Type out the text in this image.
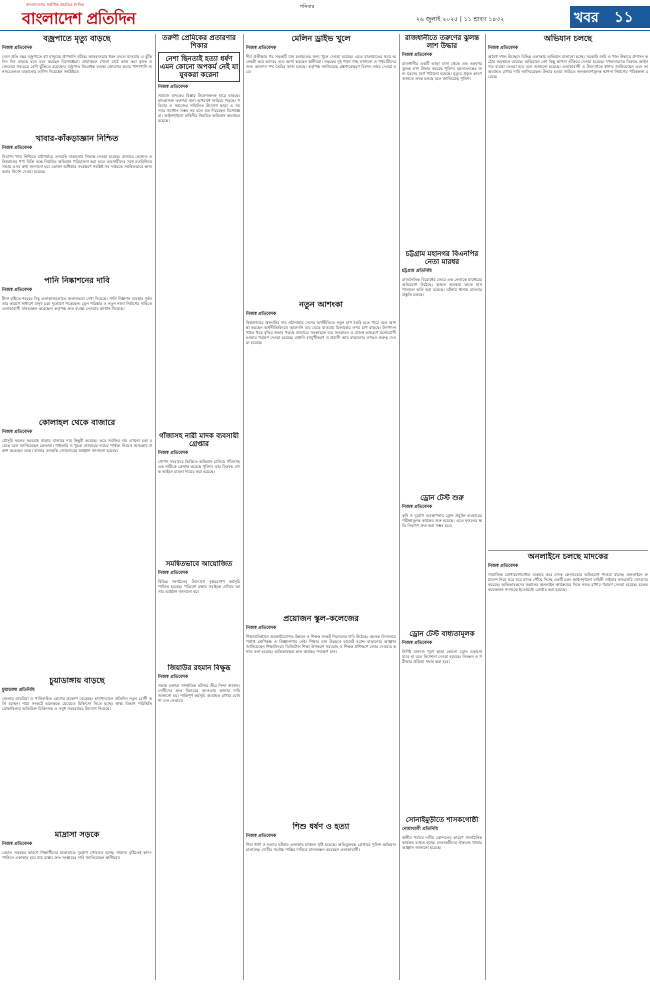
বাংলাদেশের সর্বাধিক প্রচারিত দৈনিক
বাংলাদেশ প্রতিদিন
শনিবার
২৬ জুলাই ২০২৫ | ১১ শ্রাবণ ১৪৩২	খবর ১১
বজ্রপাতে মৃত্যু বাড়ছে
নিজস্ব প্রতিবেদক
দেশে প্রতি বছর বজ্রপাতে বহু মানুষের প্রাণহানি ঘটছে। আবহাওয়ার ধরন বদলে যাওয়ায় এ ঝুঁকি দিন দিন বাড়ছে বলে মনে করছেন বিশেষজ্ঞরা। গ্রামাঞ্চলে খোলা মাঠে কাজ করা কৃষক ও জেলেরা সবচেয়ে বেশি ঝুঁকিতে রয়েছেন। বজ্রপাত নিরোধক ব্যবস্থা জোরদার করার পাশাপাশি জনসচেতনতা বাড়ানোর তাগিদ দিয়েছেন সংশ্লিষ্টরা।
খাবার-কাঁকড়াজ্ঞান নিশ্চিত
নিজস্ব প্রতিবেদক
নিরাপদ খাদ্য নিশ্চিতে মাঠপর্যায়ে তদারকি বাড়ানোর সিদ্ধান্ত নেওয়া হয়েছে। বাজারে ভেজাল ও নিম্নমানের পণ্য বিক্রি বন্ধে নিয়মিত অভিযান পরিচালনা করা হবে। ব্যবসায়ীদের সঙ্গে মতবিনিময় সভায় এসব কথা জানানো হয়। ভোক্তা অধিকার সংরক্ষণে সংশ্লিষ্ট সব দপ্তরকে সমন্বিতভাবে কাজ করার নির্দেশ দেওয়া হয়েছে।
পানি নিষ্কাশনের দাবি
নিজস্ব প্রতিবেদক
টানা বৃষ্টিতে শহরের নিচু এলাকাগুলোতে জলাবদ্ধতা দেখা দিয়েছে। পানি নিষ্কাশন ব্যবস্থার দুর্বলতার কারণে সাধারণ মানুষ চরম দুর্ভোগে পড়েছেন। ড্রেন পরিষ্কার ও নতুন নালা নির্মাণের দাবিতে এলাকাবাসী মানববন্ধন করেছেন। কর্তৃপক্ষ দ্রুত ব্যবস্থা নেওয়ার আশ্বাস দিয়েছে।
কোলাহল থেকে বাজারে
নিজস্ব প্রতিবেদক
মৌসুমি ফলের সরবরাহ বাড়ায় বাজারে দাম কিছুটা কমেছে। তবে সবজির দাম এখনো চড়া রয়েছে বলে জানিয়েছেন ক্রেতারা। পাইকারি ও খুচরা বাজারের দামের পার্থক্য নিয়েও অসন্তোষ প্রকাশ করেছেন তারা। বাজার তদারকি জোরদারের আহ্বান জানানো হয়েছে।
চুয়াডাঙ্গায় বাড়ছে
চুয়াডাঙ্গা প্রতিনিধি
জেলায় ডায়রিয়া ও পানিবাহিত রোগের প্রকোপ বেড়েছে। হাসপাতালে প্রতিদিন নতুন রোগী ভর্তি হচ্ছেন। শয্যা সংকটে অনেককে মেঝেতে চিকিৎসা নিতে হচ্ছে। স্বাস্থ্য বিভাগ পরিস্থিতি মোকাবিলায় অতিরিক্ত চিকিৎসক ও ওষুধ সরবরাহের উদ্যোগ নিয়েছে।
মাদ্রাসা সড়কে
নিজস্ব প্রতিবেদক
বেহাল সড়কের কারণে শিক্ষার্থীদের যাতায়াতে দুর্ভোগ পোহাতে হচ্ছে। সামান্য বৃষ্টিতেই কাদা-পানিতে একাকার হয়ে যায় রাস্তা। দ্রুত সংস্কারের দাবি জানিয়েছেন স্থানীয়রা।
তরুণী প্রেমিকের প্রতারণার শিকার
নেশা ছিনতাই হত্যা ধর্ষণ এমন কোনো অপকর্ম নেই যা যুবকরা করেনা
নিজস্ব প্রতিবেদক
সমাজে মাদকের বিস্তার উদ্বেগজনক হারে বাড়ছে। মাদকাসক্ত তরুণরা নানা অপরাধে জড়িয়ে পড়ছে। পরিবার ও সমাজের সম্মিলিত উদ্যোগ ছাড়া এ সমস্যার সমাধান সম্ভব নয় বলে মত দিয়েছেন বিশেষজ্ঞরা। আইনশৃঙ্খলা বাহিনীর নিয়মিত অভিযান অব্যাহত রয়েছে।
গাঁজাসহ নারী মাদক ব্যবসায়ী গ্রেপ্তার
নিজস্ব প্রতিবেদক
গোপন সংবাদের ভিত্তিতে অভিযান চালিয়ে গাঁজাসহ এক নারীকে গ্রেপ্তার করেছে পুলিশ। তার বিরুদ্ধে মাদক আইনে মামলা দায়ের করা হয়েছে।
সমন্বিতভাবে আয়োজিত
নিজস্ব প্রতিবেদক
বিভিন্ন সংগঠনের উদ্যোগে বৃক্ষরোপণ কর্মসূচি পালিত হয়েছে। পরিবেশ রক্ষায় সবাইকে এগিয়ে আসার আহ্বান জানানো হয়।
জিয়াউর রহমান বিক্ষুব্ধ
নিজস্ব প্রতিবেদক
সভায় বক্তারা সাম্প্রতিক ঘটনার তীব্র নিন্দা জানান। দোষীদের দ্রুত বিচারের আওতায় আনার দাবি জানানো হয়। শান্তিপূর্ণ কর্মসূচি অব্যাহত রাখার ঘোষণা দেন নেতারা।
মেলিন ড্রাইভ খুলে
নিজস্ব প্রতিবেদক
দীর্ঘ প্রতীক্ষার পর সড়কটি যান চলাচলের জন্য খুলে দেওয়া হয়েছে। এতে যাতায়াতের সময় অনেকটা কমে আসবে বলে আশা করছেন স্থানীয়রা। সড়কের দুই পাশে গাছ লাগানো ও পথচারীদের জন্য আলাদা পথ তৈরির কাজ চলছে। কর্তৃপক্ষ জানিয়েছে রক্ষণাবেক্ষণে বিশেষ নজর দেওয়া হবে।
নতুন আশংকা
নিজস্ব প্রতিবেদক
বিশ্ববাজারে জ্বালানির দাম ওঠানামায় দেশের অর্থনীতিতে নতুন চাপ তৈরি হতে পারে বলে আশঙ্কা করছেন অর্থনীতিবিদরা। আমদানি ব্যয় বেড়ে যাওয়ায় রিজার্ভের ওপর চাপ বাড়ছে। উৎপাদন খাতে খরচ বৃদ্ধির প্রভাব পড়ছে বাজারে। সরকারকে ব্যয় সংকোচন ও রাজস্ব আহরণে মনোযোগী হওয়ার পরামর্শ দেওয়া হয়েছে। রপ্তানি বহুমুখীকরণ ও প্রবাসী আয় বাড়ানোর ওপরও গুরুত্ব দেওয়া হয়েছে।
প্রয়োজন স্কুল-কলেজের
নিজস্ব প্রতিবেদক
শিক্ষাপ্রতিষ্ঠানে অবকাঠামোগত উন্নয়ন ও শিক্ষক সংকট নিরসনের দাবি উঠেছে। অনেক বিদ্যালয়ে পর্যাপ্ত শ্রেণিকক্ষ ও বিজ্ঞানাগার নেই। শিক্ষার মান উন্নয়নে বাজেট বরাদ্দ বাড়ানোর আহ্বান জানিয়েছেন শিক্ষাবিদরা। ডিজিটাল শিক্ষা উপকরণ সরবরাহ ও শিক্ষক প্রশিক্ষণে জোর দেওয়ার কথাও বলা হয়েছে। অভিভাবকরা দ্রুত কার্যকর পদক্ষেপ চান।
শিশু ধর্ষণ ও হত্যা
নিজস্ব প্রতিবেদক
শিশু ধর্ষণ ও হত্যার ঘটনায় এলাকায় চাঞ্চল্য সৃষ্টি হয়েছে। অভিযুক্তকে গ্রেপ্তারে পুলিশ অভিযান চালাচ্ছে। দোষীর সর্বোচ্চ শাস্তির দাবিতে মানববন্ধন করেছেন এলাকাবাসী।
রাজধানীতে তরুণের ঝুলন্ত লাশ উদ্ধার
নিজস্ব প্রতিবেদক
রাজধানীর একটি ভাড়া বাসা থেকে এক তরুণের ঝুলন্ত লাশ উদ্ধার করেছে পুলিশ। ময়নাতদন্তের জন্য মরদেহ মর্গে পাঠানো হয়েছে। মৃত্যুর প্রকৃত কারণ জানতে তদন্ত চলছে বলে জানিয়েছে পুলিশ।
চট্টগ্রাম মহানগর বিএনপির নেতা মারধর
চট্টগ্রাম প্রতিনিধি
রাজনৈতিক বিরোধের জেরে এক নেতাকে মারধরের অভিযোগ উঠেছে। আহত অবস্থায় তাকে হাসপাতালে ভর্তি করা হয়েছে। ঘটনায় থানায় মামলার প্রস্তুতি চলছে।
ড্রোন টেস্ট শুরু
নিজস্ব প্রতিবেদক
কৃষি ও দুর্যোগ ব্যবস্থাপনায় ড্রোন প্রযুক্তি ব্যবহারের পরীক্ষামূলক কার্যক্রম শুরু হয়েছে। এতে ফসলের ক্ষতি নিরূপণ দ্রুত করা সম্ভব হবে।
ড্রোন টেস্ট বাধ্যতামূলক
নিজস্ব প্রতিবেদক
নির্দিষ্ট মানদণ্ড পূরণ ছাড়া কোনো ড্রোন ওড়ানো যাবে না বলে নির্দেশনা দেওয়া হয়েছে। নিবন্ধন ও পরীক্ষার প্রক্রিয়া সহজ করা হবে।
সোনাইমুড়ীতে শাসকগোষ্ঠী
নোয়াখালী প্রতিনিধি
স্থানীয় পর্যায়ে দলীয় কোন্দলের কারণে সাংগঠনিক কার্যক্রম ব্যাহত হচ্ছে। নেতাকর্মীদের ঐক্যবদ্ধ থাকার আহ্বান জানানো হয়েছে।
অভিযান চলছে
নিজস্ব প্রতিবেদক
অবৈধ দখল উচ্ছেদে বিভিন্ন এলাকায় অভিযান চালানো হচ্ছে। সরকারি জমি ও খাল উদ্ধারে প্রশাসন কঠোর অবস্থানে রয়েছে। অভিযানে বেশ কিছু স্থাপনা গুঁড়িয়ে দেওয়া হয়েছে। দখলদারদের বিরুদ্ধে আইনগত ব্যবস্থা নেওয়া হবে বলে জানানো হয়েছে। এলাকাবাসী এ উদ্যোগকে স্বাগত জানিয়েছেন এবং তা অব্যাহত রাখার দাবি জানিয়েছেন। উদ্ধার হওয়া জমিতে জনকল্যাণমূলক স্থাপনা নির্মাণের পরিকল্পনা রয়েছে।
অনলাইনে চলছে মাদকের
নিজস্ব প্রতিবেদক
সামাজিক যোগাযোগমাধ্যম ব্যবহার করে মাদক কেনাবেচার অভিযোগ পাওয়া যাচ্ছে। অনলাইনে ক্রয়াদেশ নিয়ে ঘরে ঘরে মাদক পৌঁছে দিচ্ছে একটি চক্র। আইনশৃঙ্খলা বাহিনী সাইবার নজরদারি জোরদার করেছে। অভিভাবকদের সন্তানের অনলাইন কার্যক্রমের দিকে নজর রাখার পরামর্শ দেওয়া হয়েছে। চক্রের কয়েকজন সদস্যকে ইতোমধ্যে গ্রেপ্তার করা হয়েছে।
